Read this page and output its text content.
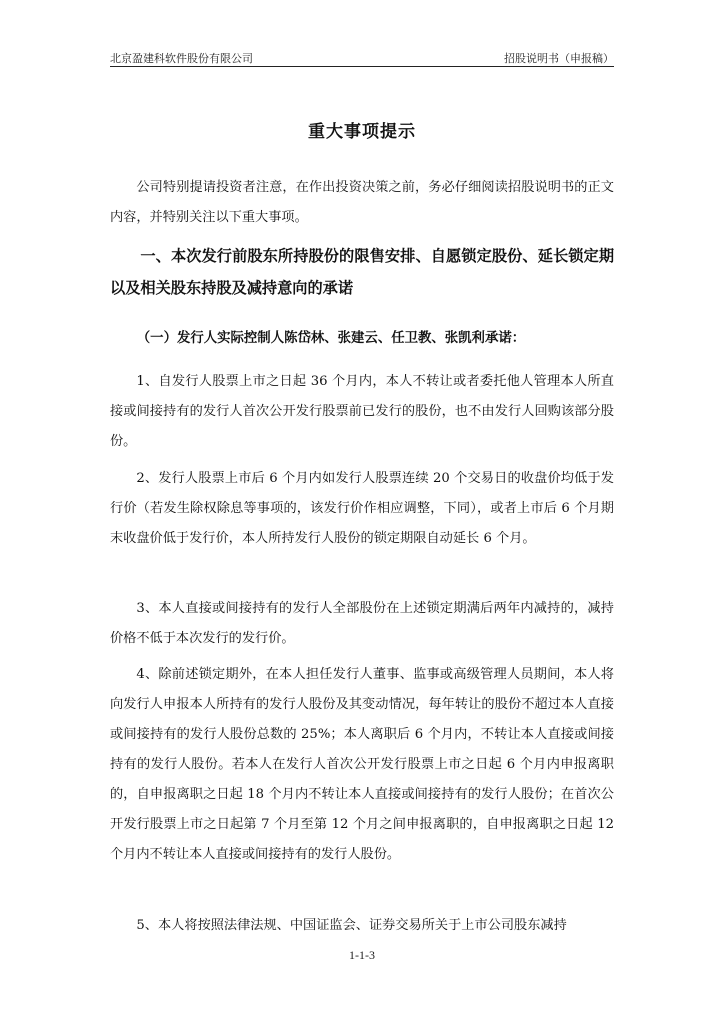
北京盈建科软件股份有限公司	招股说明书（申报稿）
重大事项提示

公司特别提请投资者注意，在作出投资决策之前，务必仔细阅读招股说明书的正文内容，并特别关注以下重大事项。

一、本次发行前股东所持股份的限售安排、自愿锁定股份、延长锁定期以及相关股东持股及减持意向的承诺

（一）发行人实际控制人陈岱林、张建云、任卫教、张凯利承诺：

1、自发行人股票上市之日起 36 个月内，本人不转让或者委托他人管理本人所直接或间接持有的发行人首次公开发行股票前已发行的股份，也不由发行人回购该部分股份。

2、发行人股票上市后 6 个月内如发行人股票连续 20 个交易日的收盘价均低于发行价（若发生除权除息等事项的，该发行价作相应调整，下同），或者上市后 6 个月期末收盘价低于发行价，本人所持发行人股份的锁定期限自动延长 6 个月。

3、本人直接或间接持有的发行人全部股份在上述锁定期满后两年内减持的，减持价格不低于本次发行的发行价。

4、除前述锁定期外，在本人担任发行人董事、监事或高级管理人员期间，本人将向发行人申报本人所持有的发行人股份及其变动情况，每年转让的股份不超过本人直接或间接持有的发行人股份总数的 25%；本人离职后 6 个月内，不转让本人直接或间接持有的发行人股份。若本人在发行人首次公开发行股票上市之日起 6 个月内申报离职的，自申报离职之日起 18 个月内不转让本人直接或间接持有的发行人股份；在首次公开发行股票上市之日起第 7 个月至第 12 个月之间申报离职的，自申报离职之日起 12 个月内不转让本人直接或间接持有的发行人股份。

5、本人将按照法律法规、中国证监会、证券交易所关于上市公司股东减持

1-1-3
